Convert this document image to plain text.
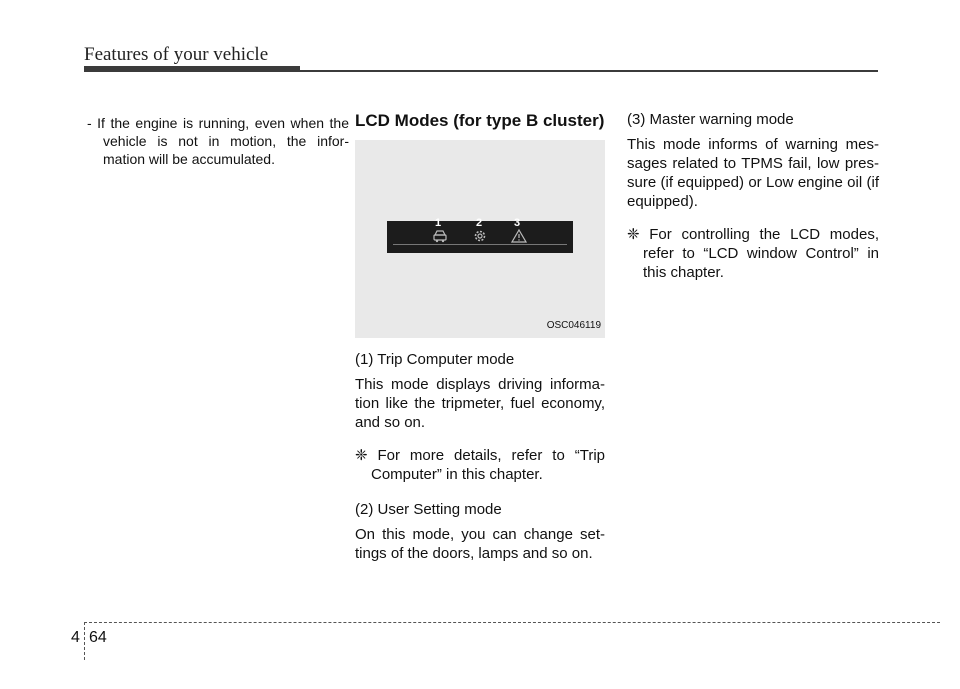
Features of your vehicle
- If the engine is running, even when the vehicle is not in motion, the infor- mation will be accumulated.
LCD Modes (for type B cluster)
1	2	3
OSC046119

(1) Trip Computer mode

This mode displays driving informa- tion like the tripmeter, fuel economy, and so on.

❈ For more details, refer to “Trip Computer” in this chapter.

(2) User Setting mode

On this mode, you can change set- tings of the doors, lamps and so on.

(3) Master warning mode

This mode informs of warning mes- sages related to TPMS fail, low pres- sure (if equipped) or Low engine oil (if equipped).

❈ For controlling the LCD modes, refer to “LCD window Control” in this chapter.

4 64
